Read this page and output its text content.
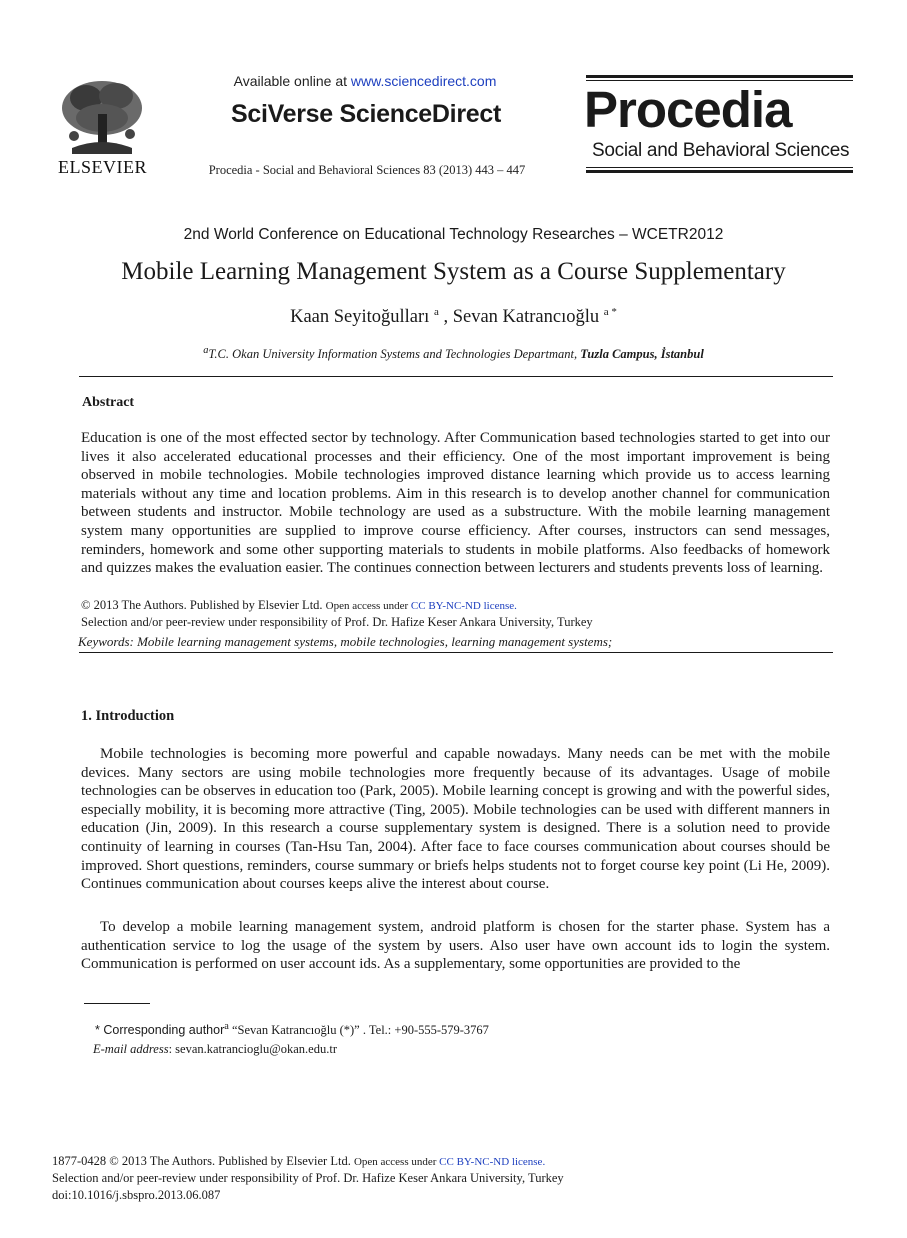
ELSEVIER
Available online at www.sciencedirect.com
SciVerse ScienceDirect
Procedia - Social and Behavioral Sciences 83 (2013) 443 – 447
Procedia
Social and Behavioral Sciences
2nd World Conference on Educational Technology Researches – WCETR2012
Mobile Learning Management System as a Course Supplementary
Kaan Seyitoğulları $^a$ , Sevan Katrancıoğlu $^{a *}$
$^a$T.C. Okan University Information Systems and Technologies Depart​mant, Tuzla Campus, İstanbul
Abstract
Education is one of the most effected sector by technology. After Communication based technologies started to get into our lives it also accelerated educational processes and their efficiency. One of the most important improvement is being observed in mobile technologies. Mobile technologies improved distance learning which provide us to access learning materials without any time and location problems. Aim in this research is to develop another channel for communication between students and instructor. Mobile technology are used as a substructure. With the mobile learning management system many opportunities are supplied to improve course efficiency. After courses, instructors can send messages, reminders, homework and some other supporting materials to students in mobile platforms. Also feedbacks of homework and quizzes makes the evaluation easier. The continues connection between lecturers and students prevents loss of learning.
© 2013 The Authors. Published by Elsevier Ltd. Open access under CC BY-NC-ND license.
Selection and/or peer-review under responsibility of Prof. Dr. Hafize Keser Ankara University, Turkey
Keywords: Mobile learning management systems, mobile technologies, learning management systems;
1. Introduction
Mobile technologies is becoming more powerful and capable nowadays. Many needs can be met with the mobile devices. Many sectors are using mobile technologies more frequently because of its advantages. Usage of mobile technologies can be observes in education too (Park, 2005). Mobile learning concept is growing and with the powerful sides, especially mobility, it is becoming more attractive (Ting, 2005). Mobile technologies can be used with different manners in education (Jin, 2009). In this research a course supplementary system is designed. There is a solution need to provide continuity of learning in courses (Tan-Hsu Tan, 2004). After face to face courses communication about courses should be improved. Short questions, reminders, course summary or briefs helps students not to forget course key point (Li He, 2009). Continues communication about courses keeps alive the interest about course.
To develop a mobile learning management system, android platform is chosen for the starter phase. System has a authentication service to log the usage of the system by users. Also user have own account ids to login the system. Communication is performed on user account ids. As a supplementary, some opportunities are provided to the
* Corresponding author$^a$ “Sevan Katrancıoğlu (*)” . Tel.: +90-555-579-3767
E-mail address: sevan.katrancioglu@okan.edu.tr
1877-0428 © 2013 The Authors. Published by Elsevier Ltd. Open access under CC BY-NC-ND license.
Selection and/or peer-review under responsibility of Prof. Dr. Hafize Keser Ankara University, Turkey
doi:10.1016/j.sbspro.2013.06.087
